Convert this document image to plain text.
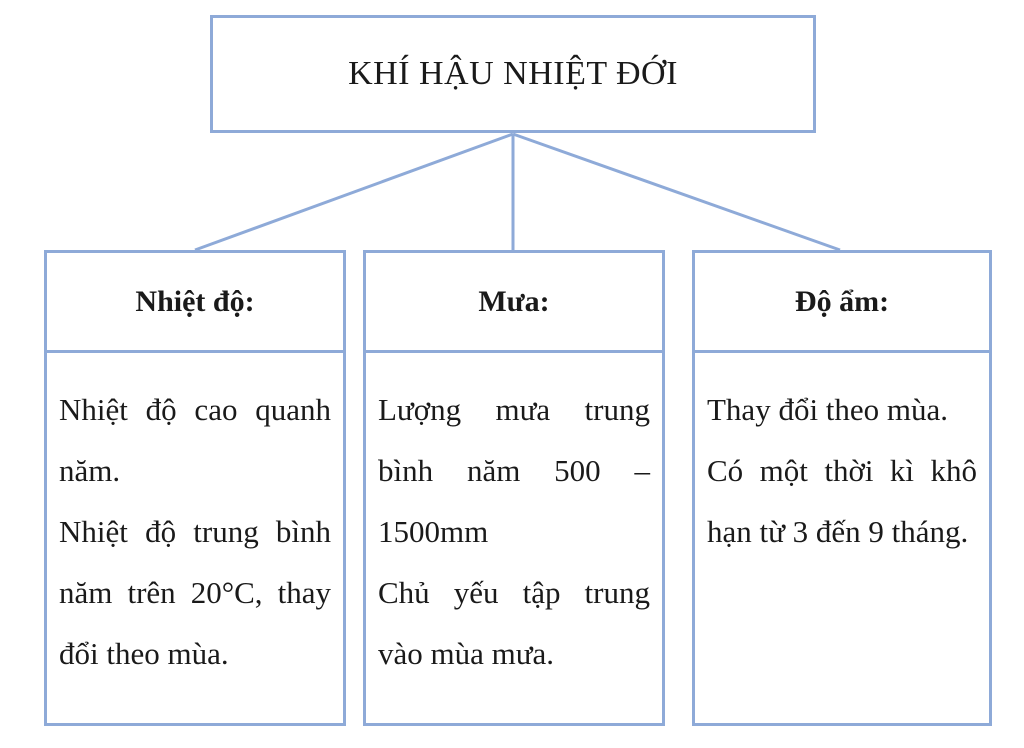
KHÍ HẬU NHIỆT ĐỚI
Nhiệt độ:

Nhiệt độ cao quanh năm.

Nhiệt độ trung bình năm trên 20°C, thay đổi theo mùa.

Mưa:

Lượng mưa trung bình năm 500 – 1500mm

Chủ yếu tập trung vào mùa mưa.

Độ ẩm:

Thay đổi theo mùa.

Có một thời kì khô hạn từ 3 đến 9 tháng.
